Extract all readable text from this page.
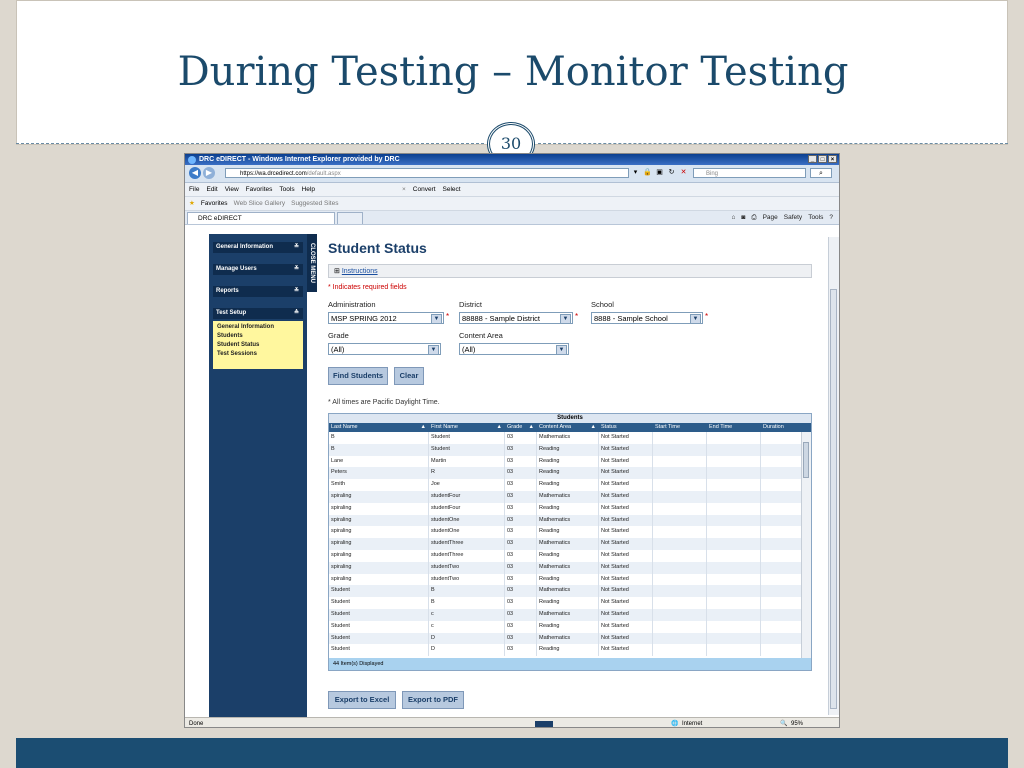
During Testing – Monitor Testing
30
DRC eDIRECT - Windows Internet Explorer provided by DRC	_	□	×
◀ ▶	https://wa.drcedirect.com/default.aspx	▾ 🔒 ▣ ↻ ✕	Bing	⌕
File Edit View Favorites Tools Help	× Convert Select
★ Favorites Web Slice Gallery Suggested Sites
DRC eDIRECT	⌂ ◙ ⎙ Page Safety Tools ?
General Information	≚
Manage Users	≚
Reports	≚
Test Setup	≙
General Information
Students
Student Status
Test Sessions
CLOSE MENU Student Status
⊞ Instructions
* Indicates required fields
Administration
MSP SPRING 2012	▼ *
District
88888 - Sample District	▼ *
School
8888 - Sample School	▼ *
Grade
(All)	▼
Content Area
(All)	▼
Find Students	Clear
* All times are Pacific Daylight Time.
Students
Last Name	▲ First Name	▲ Grade ▲ Content Area	▲ Status	Start Time	End Time	Duration
Student	D	03	Reading	Not Started
Student	D	03	Mathematics	Not Started
Student	c	03	Reading	Not Started
Student	c	03	Mathematics	Not Started
Student	B	03	Reading	Not Started
Student	B	03	Mathematics	Not Started
spiraling	studentTwo	03	Reading	Not Started
spiraling	studentTwo	03	Mathematics	Not Started
spiraling	studentThree	03	Reading	Not Started
spiraling	studentThree	03	Mathematics	Not Started
spiraling	studentOne	03	Reading	Not Started
spiraling	studentOne	03	Mathematics	Not Started
spiraling	studentFour	03	Reading	Not Started
spiraling	studentFour	03	Mathematics	Not Started
Smith	Joe	03	Reading	Not Started
Peters	R	03	Reading	Not Started
Lane	Martin	03	Reading	Not Started
B	Student	03	Reading	Not Started
B	Student	03	Mathematics	Not Started
44 Item(s) Displayed
Export to Excel	Export to PDF
Done	🌐 Internet	🔍 95%
